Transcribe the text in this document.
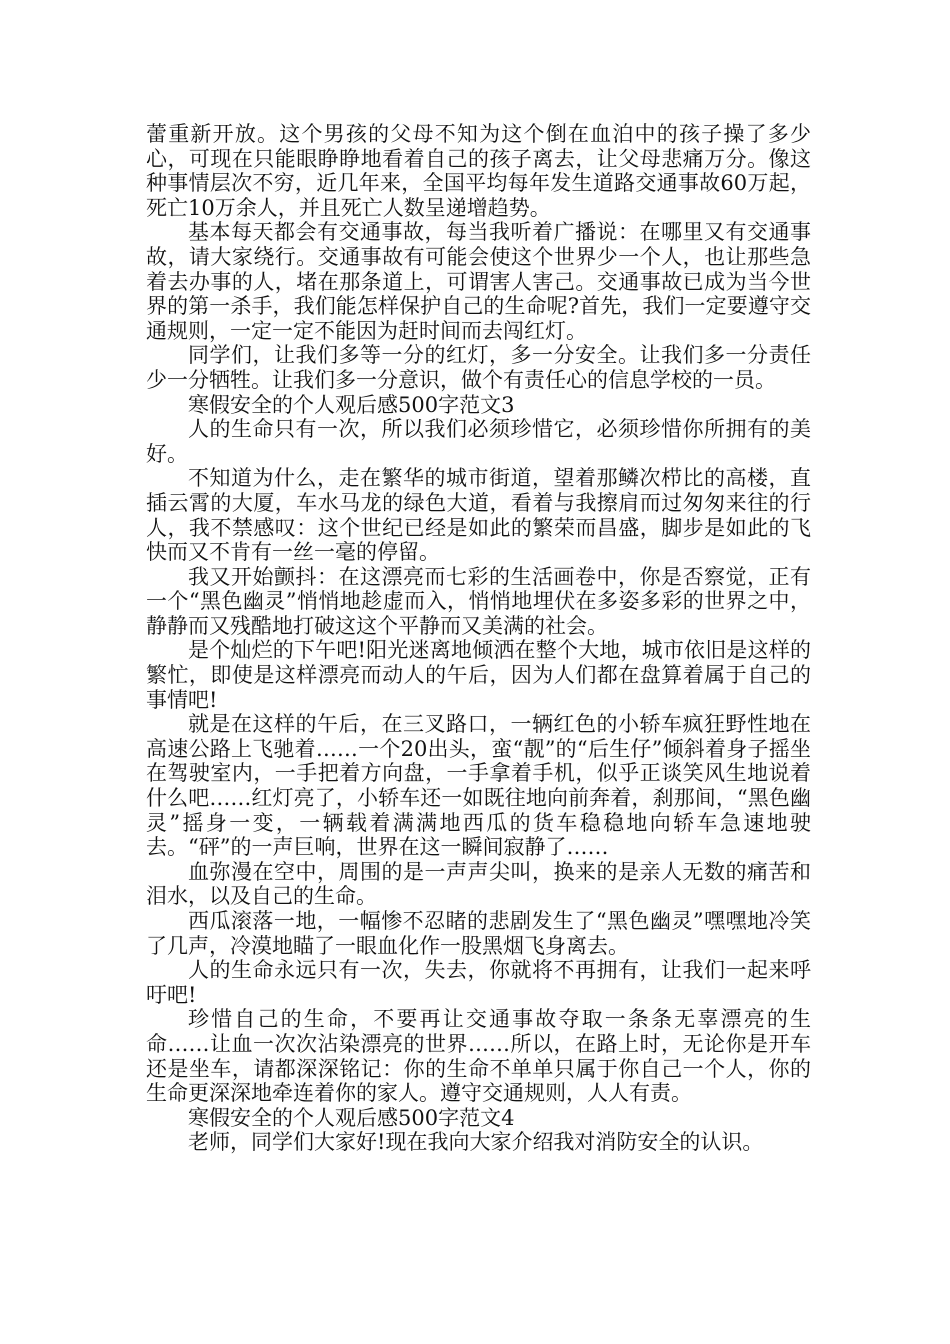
蕾重新开放。这个男孩的父母不知为这个倒在血泊中的孩子操了多少心，可现在只能眼睁睁地看着自己的孩子离去，让父母悲痛万分。像这种事情层次不穷，近几年来，全国平均每年发生道路交通事故60万起，死亡10万余人，并且死亡人数呈递增趋势。

基本每天都会有交通事故，每当我听着广播说：在哪里又有交通事故，请大家绕行。交通事故有可能会使这个世界少一个人，也让那些急着去办事的人，堵在那条道上，可谓害人害己。交通事故已成为当今世界的第一杀手，我们能怎样保护自己的生命呢?首先，我们一定要遵守交通规则，一定一定不能因为赶时间而去闯红灯。

同学们，让我们多等一分的红灯，多一分安全。让我们多一分责任少一分牺牲。让我们多一分意识，做个有责任心的信息学校的一员。

寒假安全的个人观后感500字范文3

人的生命只有一次，所以我们必须珍惜它，必须珍惜你所拥有的美好。

不知道为什么，走在繁华的城市街道，望着那鳞次栉比的高楼，直插云霄的大厦，车水马龙的绿色大道，看着与我擦肩而过匆匆来往的行人，我不禁感叹：这个世纪已经是如此的繁荣而昌盛，脚步是如此的飞快而又不肯有一丝一毫的停留。

我又开始颤抖：在这漂亮而七彩的生活画卷中，你是否察觉，正有一个“黑色幽灵”悄悄地趁虚而入，悄悄地埋伏在多姿多彩的世界之中，静静而又残酷地打破这这个平静而又美满的社会。

是个灿烂的下午吧!阳光迷离地倾洒在整个大地，城市依旧是这样的繁忙，即使是这样漂亮而动人的午后，因为人们都在盘算着属于自己的事情吧!

就是在这样的午后，在三叉路口，一辆红色的小轿车疯狂野性地在高速公路上飞驰着……一个20出头，蛮“靓”的“后生仔”倾斜着身子摇坐在驾驶室内，一手把着方向盘，一手拿着手机，似乎正谈笑风生地说着什么吧……红灯亮了，小轿车还一如既往地向前奔着，刹那间，“黑色幽灵”摇身一变，一辆载着满满地西瓜的货车稳稳地向轿车急速地驶去。“砰”的一声巨响，世界在这一瞬间寂静了……

血弥漫在空中，周围的是一声声尖叫，换来的是亲人无数的痛苦和泪水，以及自己的生命。

西瓜滚落一地，一幅惨不忍睹的悲剧发生了“黑色幽灵”嘿嘿地冷笑了几声，冷漠地瞄了一眼血化作一股黑烟飞身离去。

人的生命永远只有一次，失去，你就将不再拥有，让我们一起来呼吁吧!

珍惜自己的生命，不要再让交通事故夺取一条条无辜漂亮的生命……让血一次次沾染漂亮的世界……所以，在路上时，无论你是开车还是坐车，请都深深铭记：你的生命不单单只属于你自己一个人，你的生命更深深地牵连着你的家人。遵守交通规则，人人有责。

寒假安全的个人观后感500字范文4

老师，同学们大家好!现在我向大家介绍我对消防安全的认识。
